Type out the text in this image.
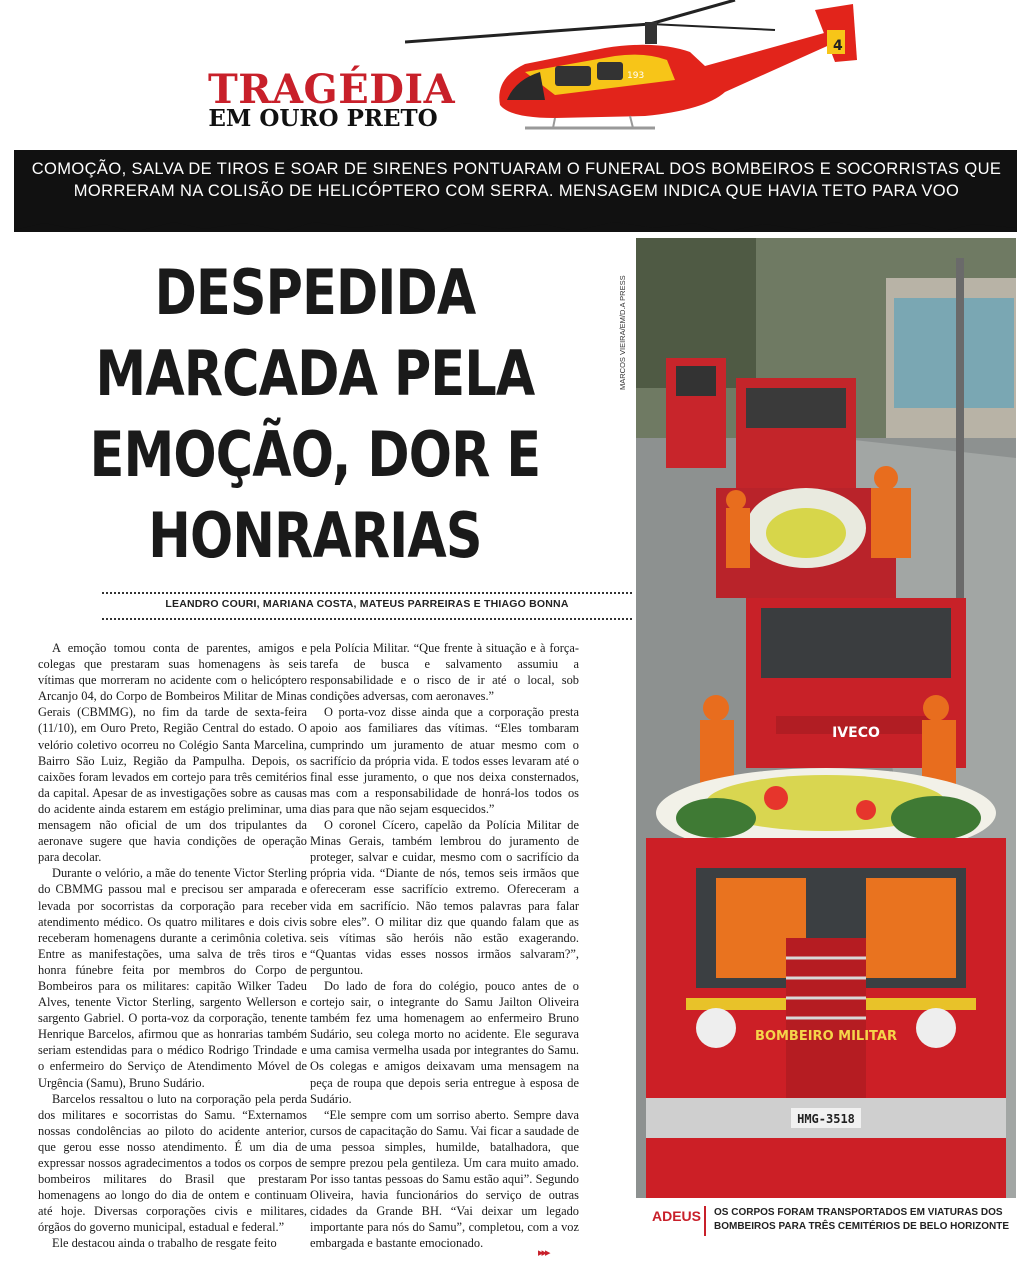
4
193
TRAGÉDIA
EM OURO PRETO
COMOÇÃO, SALVA DE TIROS E SOAR DE SIRENES PONTUARAM O FUNERAL DOS BOMBEIROS E SOCORRISTAS QUE MORRERAM NA COLISÃO DE HELICÓPTERO COM SERRA. MENSAGEM INDICA QUE HAVIA TETO PARA VOO
DESPEDIDA MARCADA PELA EMOÇÃO, DOR E HONRARIAS
LEANDRO COURI, MARIANA COSTA, MATEUS PARREIRAS E THIAGO BONNA

A emoção tomou conta de parentes, amigos e colegas que prestaram suas homenagens às seis vítimas que morreram no acidente com o helicóptero Arcanjo 04, do Corpo de Bombeiros Militar de Minas Gerais (CBMMG), no fim da tarde de sexta-feira (11/10), em Ouro Preto, Região Central do estado. O velório coletivo ocorreu no Colégio Santa Marcelina, Bairro São Luiz, Região da Pampulha. Depois, os caixões foram levados em cortejo para três cemitérios da capital. Apesar de as investigações sobre as causas do acidente ainda estarem em estágio preliminar, uma mensagem não oficial de um dos tripulantes da aeronave sugere que havia condições de operação para decolar.

Durante o velório, a mãe do tenente Victor Sterling do CBMMG passou mal e precisou ser amparada e levada por socorristas da corporação para receber atendimento médico. Os quatro militares e dois civis receberam homenagens durante a cerimônia coletiva. Entre as manifestações, uma salva de três tiros e honra fúnebre feita por membros do Corpo de Bombeiros para os militares: capitão Wilker Tadeu Alves, tenente Victor Sterling, sargento Wellerson e sargento Gabriel. O porta-voz da corporação, tenente Henrique Barcelos, afirmou que as honrarias também seriam estendidas para o médico Rodrigo Trindade e o enfermeiro do Serviço de Atendimento Móvel de Urgência (Samu), Bruno Sudário.

Barcelos ressaltou o luto na corporação pela perda dos militares e socorristas do Samu. “Externamos nossas condolências ao piloto do acidente anterior, que gerou esse nosso atendimento. É um dia de expressar nossos agradecimentos a todos os corpos de bombeiros militares do Brasil que prestaram homenagens ao longo do dia de ontem e continuam até hoje. Diversas corporações civis e militares, órgãos do governo municipal, estadual e federal.”

Ele destacou ainda o trabalho de resgate feito

pela Polícia Militar. “Que frente à situação e à força-tarefa de busca e salvamento assumiu a responsabilidade e o risco de ir até o local, sob condições adversas, com aeronaves.”

O porta-voz disse ainda que a corporação presta apoio aos familiares das vítimas. “Eles tombaram cumprindo um juramento de atuar mesmo com o sacrifício da própria vida. E todos esses levaram até o final esse juramento, o que nos deixa consternados, mas com a responsabilidade de honrá-los todos os dias para que não sejam esquecidos.”

O coronel Cícero, capelão da Polícia Militar de Minas Gerais, também lembrou do juramento de proteger, salvar e cuidar, mesmo com o sacrifício da própria vida. “Diante de nós, temos seis irmãos que ofereceram esse sacrifício extremo. Ofereceram a vida em sacrifício. Não temos palavras para falar sobre eles”. O militar diz que quando falam que as seis vítimas são heróis não estão exagerando. “Quantas vidas esses nossos irmãos salvaram?”, perguntou.

Do lado de fora do colégio, pouco antes de o cortejo sair, o integrante do Samu Jailton Oliveira também fez uma homenagem ao enfermeiro Bruno Sudário, seu colega morto no acidente. Ele segurava uma camisa vermelha usada por integrantes do Samu. Os colegas e amigos deixavam uma mensagem na peça de roupa que depois seria entregue à esposa de Sudário.

“Ele sempre com um sorriso aberto. Sempre dava cursos de capacitação do Samu. Vai ficar a saudade de uma pessoa simples, humilde, batalhadora, que sempre prezou pela gentileza. Um cara muito amado. Por isso tantas pessoas do Samu estão aqui”. Segundo Oliveira, havia funcionários do serviço de outras cidades da Grande BH. “Vai deixar um legado importante para nós do Samu”, completou, com a voz embargada e bastante emocionado.

MARCOS VIEIRA/EM/D.A PRESS
IVECO
BOMBEIRO MILITAR
HMG-3518
ADEUS OS CORPOS FORAM TRANSPORTADOS EM VIATURAS DOS BOMBEIROS PARA TRÊS CEMITÉRIOS DE BELO HORIZONTE
▸▸▸
